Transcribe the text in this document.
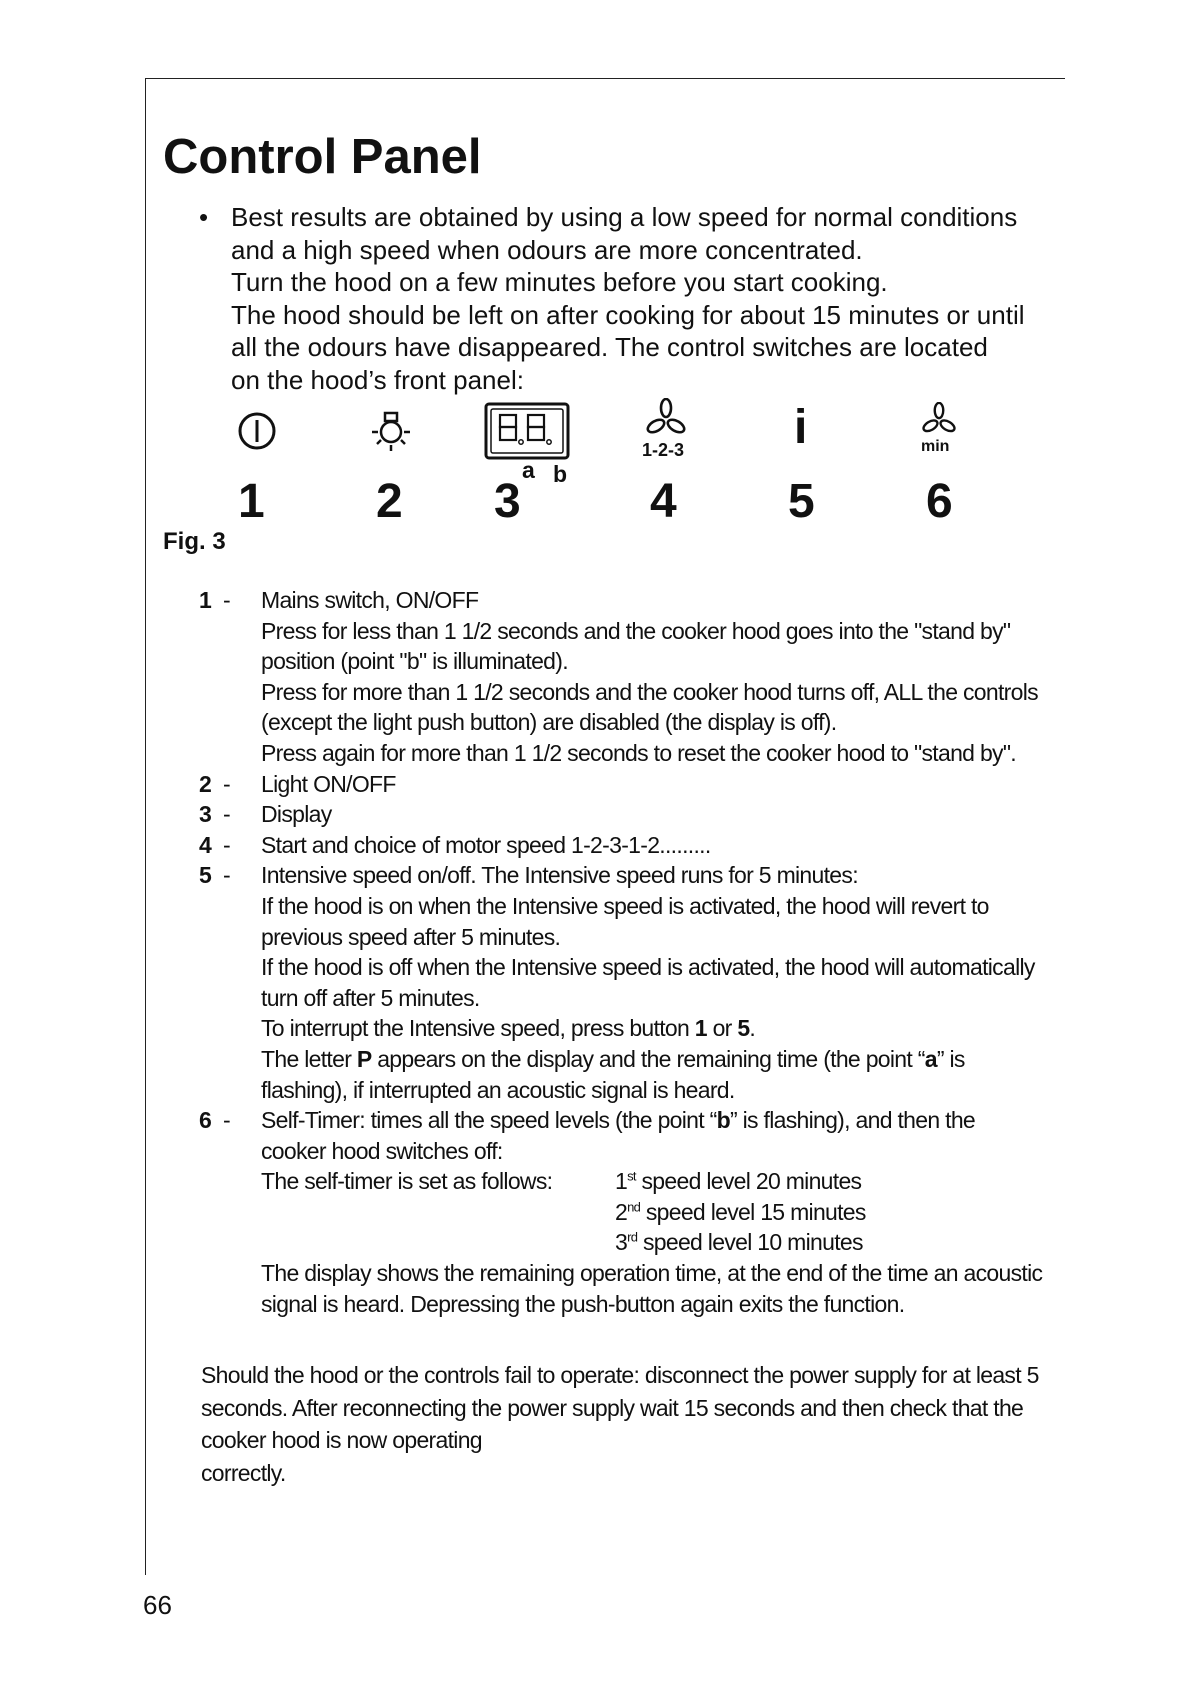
Control Panel
• Best results are obtained by using a low speed for normal conditions
and a high speed when odours are more concentrated.
Turn the hood on a few minutes before you start cooking.
The hood should be left on after cooking for about 15 minutes or until
all the odours have disappeared. The control switches are located
on the hood’s front panel:
a b
1-2-3 i	min
1 2 3	4 5 6
Fig. 3
1 -	Mains switch, ON/OFF
Press for less than 1 1/2 seconds and the cooker hood goes into the "stand by"
position (point "b" is illuminated).
Press for more than 1 1/2 seconds and the cooker hood turns off, ALL the controls
(except the light push button) are disabled (the display is off).
Press again for more than 1 1/2 seconds to reset the cooker hood to "stand by".
2 -	Light ON/OFF
3 -	Display
4 -	Start and choice of motor speed 1-2-3-1-2.........
5 -	Intensive speed on/off. The Intensive speed runs for 5 minutes:
If the hood is on when the Intensive speed is activated, the hood will revert to
previous speed after 5 minutes.
If the hood is off when the Intensive speed is activated, the hood will automatically
turn off after 5 minutes.
To interrupt the Intensive speed, press button 1 or 5.
The letter P appears on the display and the remaining time (the point “a” is
flashing), if interrupted an acoustic signal is heard.
6 -	Self-Timer: times all the speed levels (the point “b” is flashing), and then the
cooker hood switches off:
The self-timer is set as follows:	1st speed level 20 minutes
2nd speed level 15 minutes
3rd speed level 10 minutes
The display shows the remaining operation time, at the end of the time an acoustic
signal is heard. Depressing the push-button again exits the function.
Should the hood or the controls fail to operate: disconnect the power supply for at least 5
seconds. After reconnecting the power supply wait 15 seconds and then check that the
cooker hood is now operating
correctly.
66
